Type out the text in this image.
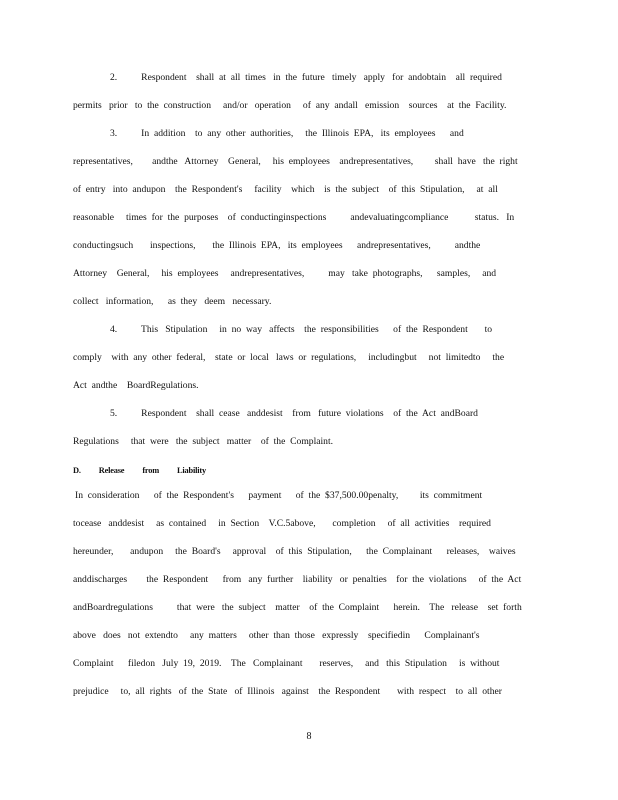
2.          Respondent    shall  at  all  times   in  the  future   timely   apply   for  andobtain    all  required
permits   prior   to  the  construction     and/or   operation     of  any  andall   emission    sources    at  the  Facility.
3.          In  addition    to  any  other  authorities,     the  Illinois  EPA,   its  employees      and
representatives,        andthe   Attorney    General,     his  employees    andrepresentatives,         shall  have   the  right
of  entry   into  andupon    the  Respondent's     facility    which    is  the  subject    of  this  Stipulation,     at  all
reasonable     times  for  the  purposes    of  conductinginspections          andevaluatingcompliance           status.   In
conductingsuch       inspections,       the  Illinois  EPA,   its  employees      andrepresentatives,          andthe
Attorney    General,     his  employees     andrepresentatives,          may   take  photographs,      samples,     and
collect   information,      as  they   deem   necessary.
4.          This   Stipulation     in  no  way   affects    the  responsibilities      of  the  Respondent       to
comply    with  any  other  federal,    state  or  local   laws  or  regulations,     includingbut     not  limitedto     the
Act  andthe    BoardRegulations.
5.          Respondent    shall  cease   anddesist    from   future  violations    of  the  Act  andBoard
Regulations     that  were   the  subject   matter    of  the  Complaint.
D. Release from Liability
In  consideration      of  the  Respondent's      payment      of  the  $37,500.00penalty,         its  commitment
tocease   anddesist     as  contained     in  Section    V.C.5above,       completion     of  all  activities    required
hereunder,       andupon     the  Board's     approval    of  this  Stipulation,      the  Complainant      releases,    waives
anddischarges        the  Respondent      from   any  further    liability   or  penalties    for  the  violations     of  the  Act
andBoardregulations          that  were   the  subject    matter    of  the  Complaint      herein.    The   release    set  forth
above   does   not  extendto     any  matters     other  than  those   expressly    specifiedin      Complainant's
Complaint      filedon   July  19,  2019.    The   Complainant       reserves,     and   this  Stipulation     is  without
prejudice     to,  all  rights   of  the  State   of  Illinois   against    the  Respondent       with  respect    to  all  other
8
